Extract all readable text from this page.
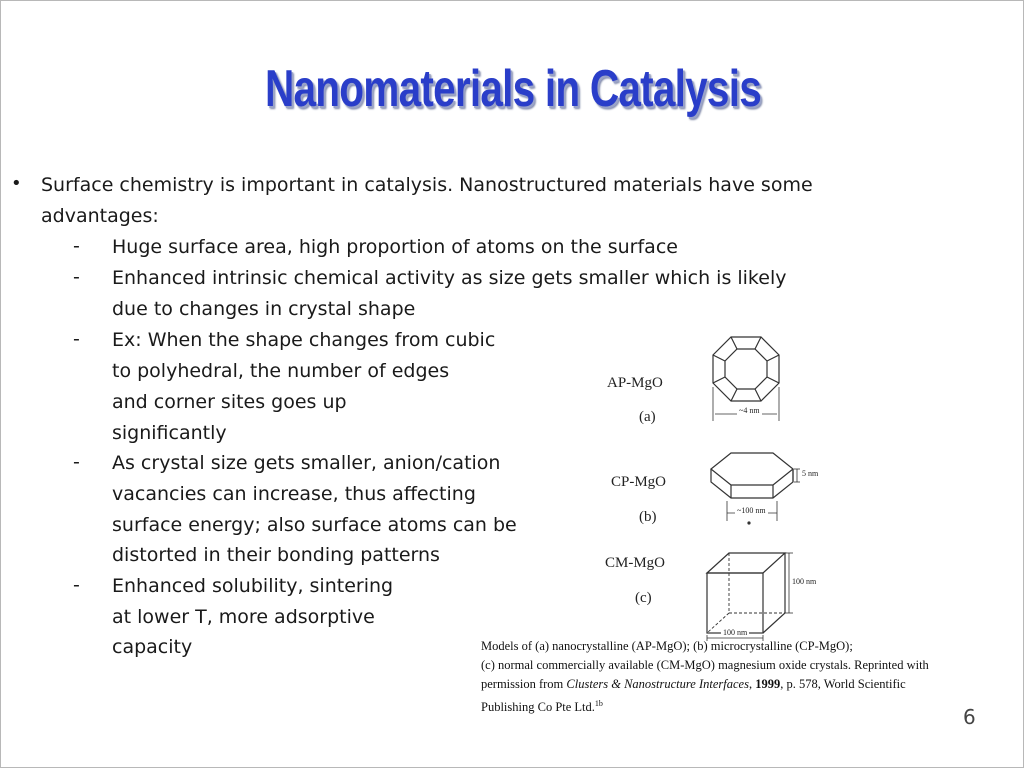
Nanomaterials in Catalysis
• Surface chemistry is important in catalysis. Nanostructured materials have some
advantages:
- Huge surface area, high proportion of atoms on the surface
- Enhanced intrinsic chemical activity as size gets smaller which is likely
due to changes in crystal shape
- Ex: When the shape changes from cubic
to polyhedral, the number of edges
and corner sites goes up
significantly
- As crystal size gets smaller, anion/cation
vacancies can increase, thus affecting
surface energy; also surface atoms can be
distorted in their bonding patterns
- Enhanced solubility, sintering
at lower T, more adsorptive
capacity
AP-MgO
(a)	~4 nm
CP-MgO
(b)
5 nm
~100 nm
CM-MgO
(c)
100 nm
100 nm
Models of (a) nanocrystalline (AP-MgO); (b) microcrystalline (CP-MgO);
(c) normal commercially available (CM-MgO) magnesium oxide crystals. Reprinted with
permission from Clusters & Nanostructure Interfaces, 1999, p. 578, World Scientific
Publishing Co Pte Ltd.$^{1b}$
6
